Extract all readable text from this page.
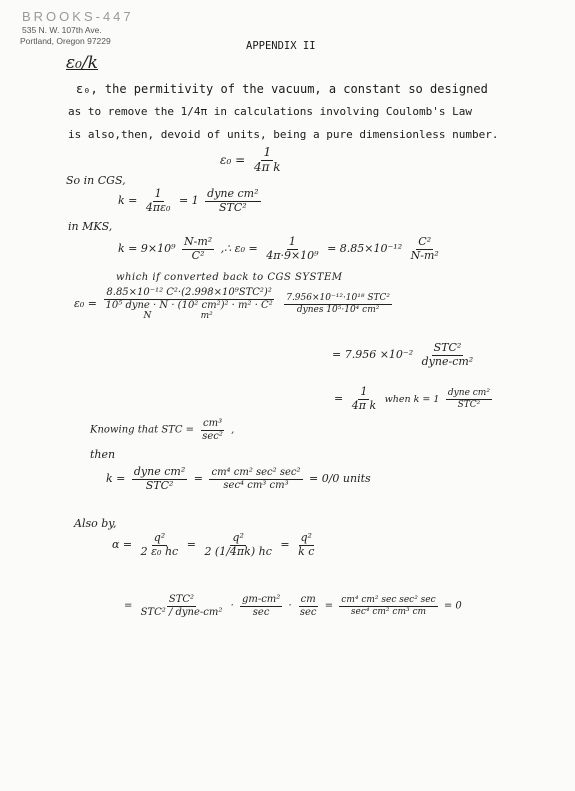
BROOKS-447
535 N. W. 107th Ave.
Portland, Oregon 97229	APPENDIX II
ε₀/k
ε₀, the permitivity of the vacuum, a constant so designed
as to remove the 1/4π in calculations involving Coulomb's Law
is also,then, devoid of units, being a pure dimensionless number.
$\varepsilon_0 = \frac{1}{\text{4π k}}$
So in CGS,
$k = \frac{1}{\text{4πε₀}} = 1 \frac{\text{dyne cm²}}{\text{STC²}}$
in MKS,
$k = 9\times 10^9 \frac{\text{N-m²}}{\text{C²}}$ ,∴ $\varepsilon_0 = \frac{1}{\text{4π·9×10⁹}} = 8.85\times 10^{-12} \frac{\text{C²}}{\text{N-m²}}$
which if converted back to CGS SYSTEM
ε₀ =
8.85×10⁻¹² C²·(2.998×10⁹STC²)²
10⁵ dyne · N · (10² cm²)² · m² · C²

N	m²

$\frac{\text{7.956×10⁻¹²·10¹⁸ STC²}}{\text{dynes 10⁵·10⁴ cm²}}$
= $7.956 \times 10^{-2} \frac{\text{STC²}}{\text{dyne-cm²}}$
= $\frac{1}{\text{4π k}}$ when $k = 1 \frac{\text{dyne cm²}}{\text{STC²}}$
Knowing that STC = $\frac{\text{cm³}}{\text{sec²}}$ ,
then
$k = \frac{\text{dyne cm²}}{\text{STC²}} = \frac{\text{cm⁴ cm² sec² sec²}}{\text{sec⁴ cm³ cm³}} = 0/0$ units
Also by,
$\alpha = \frac{\text{q²}}{\text{2 ε₀ hc}} = \frac{\text{q²}}{2 (1/4\pi k) hc} = \frac{\text{q²}}{\text{k c}}$
= $\frac{\text{STC²}}{\text{STC² / dyne-cm²}} \cdot \frac{\text{gm-cm²}}{\sec} \cdot \frac{cm}{\sec} = \frac{\text{cm⁴ cm² sec sec² sec}}{\text{sec⁴ cm² cm³ cm}} = 0$
